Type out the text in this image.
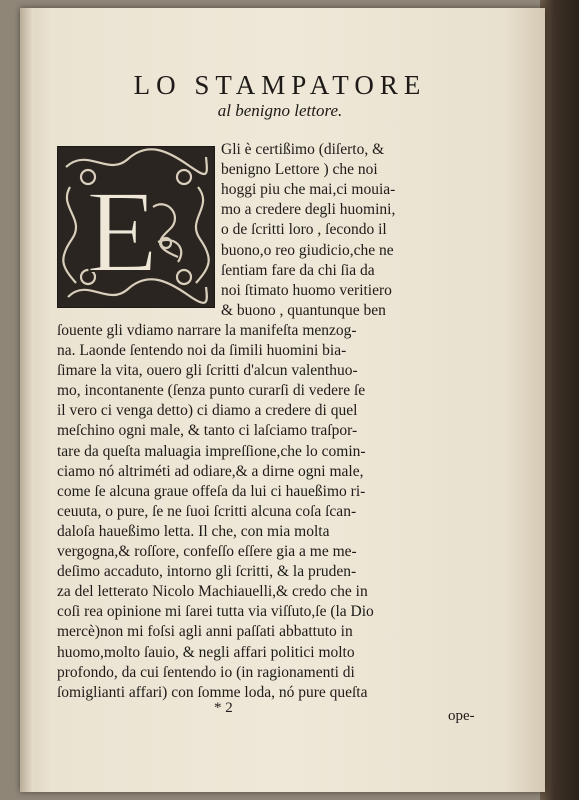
LO STAMPATORE
al benigno lettore.
E
Gli è certißimo (diſerto, &
benigno Lettore ) che noi
hoggi piu che mai,ci mouia-
mo a credere degli huomini,
o de ſcritti loro , ſecondo il
buono,o reo giudicio,che ne
ſentiam fare da chi ſia da
noi ſtimato huomo veritiero
& buono , quantunque ben
ſouente gli vdiamo narrare la manifeſta menzog-
na. Laonde ſentendo noi da ſimili huomini bia-
ſimare la vita, ouero gli ſcritti d'alcun valenthuo-
mo, incontanente (ſenza punto curarſi di vedere ſe
il vero ci venga detto) ci diamo a credere di quel
meſchino ogni male, & tanto ci laſciamo traſpor-
tare da queſta maluagia impreſſione,che lo comin-
ciamo nó altriméti ad odiare,& a dirne ogni male,
come ſe alcuna graue offeſa da lui ci haueßimo ri-
ceuuta, o pure, ſe ne ſuoi ſcritti alcuna coſa ſcan-
daloſa haueßimo letta. Il che, con mia molta
vergogna,& roſſore, confeſſo eſſere gia a me me-
deſimo accaduto, intorno gli ſcritti, & la pruden-
za del letterato Nicolo Machiauelli,& credo che in
coſi rea opinione mi ſarei tutta via viſſuto,ſe (la Dio
mercè)non mi foſsi agli anni paſſati abbattuto in
huomo,molto ſauio, & negli affari politici molto
profondo, da cui ſentendo io (in ragionamenti di
ſomiglianti affari) con ſomme loda, nó pure queſta
* 2	ope-
